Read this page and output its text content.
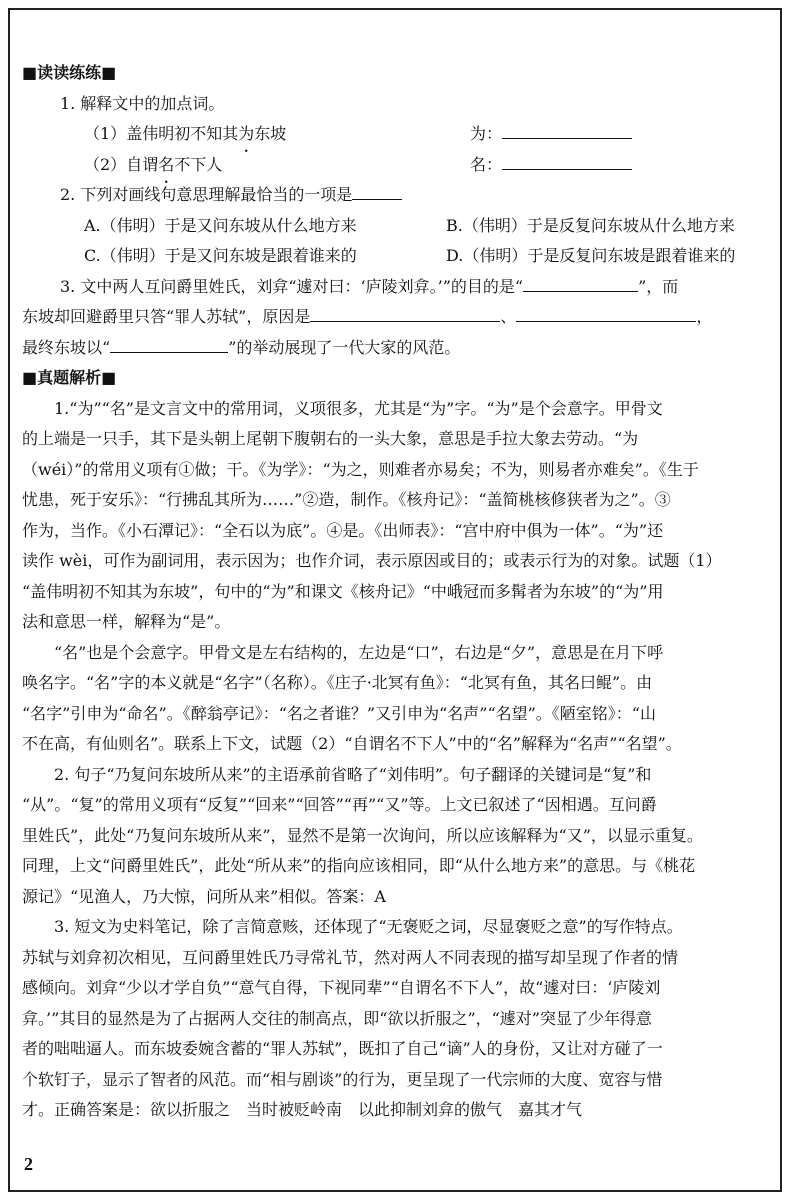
■读读练练■
1. 解释文中的加点词。
（1）盖伟明初不知其为东坡	为：
（2）自谓名不下人	名：
2. 下列对画线句意思理解最恰当的一项是
A.（伟明）于是又问东坡从什么地方来	B.（伟明）于是反复问东坡从什么地方来
C.（伟明）于是又问东坡是跟着谁来的	D.（伟明）于是反复问东坡是跟着谁来的
3. 文中两人互问爵里姓氏，刘弇“遽对曰：‘庐陵刘弇。’”的目的是“	”，而
东坡却回避爵里只答“罪人苏轼”，原因是	、	，
最终东坡以“	”的举动展现了一代大家的风范。
■真题解析■
　　1.“为”“名”是文言文中的常用词，义项很多，尤其是“为”字。“为”是个会意字。甲骨文
的上端是一只手，其下是头朝上尾朝下腹朝右的一头大象，意思是手拉大象去劳动。“为
（wéi）”的常用义项有①做；干。《为学》：“为之，则难者亦易矣；不为，则易者亦难矣”。《生于
忧患，死于安乐》：“行拂乱其所为……”②造，制作。《核舟记》：“盖简桃核修狭者为之”。③
作为，当作。《小石潭记》：“全石以为底”。④是。《出师表》：“宫中府中俱为一体”。“为”还
读作 wèi，可作为副词用，表示因为；也作介词，表示原因或目的；或表示行为的对象。试题（1）
“盖伟明初不知其为东坡”，句中的“为”和课文《核舟记》“中峨冠而多髯者为东坡”的“为”用
法和意思一样，解释为“是”。
　　“名”也是个会意字。甲骨文是左右结构的，左边是“口”，右边是“夕”，意思是在月下呼
唤名字。“名”字的本义就是“名字”（名称）。《庄子·北冥有鱼》：“北冥有鱼，其名曰鲲”。由
“名字”引申为“命名”。《醉翁亭记》：“名之者谁？”又引申为“名声”“名望”。《陋室铭》：“山
不在高，有仙则名”。联系上下文，试题（2）“自谓名不下人”中的“名”解释为“名声”“名望”。
　　2. 句子“乃复问东坡所从来”的主语承前省略了“刘伟明”。句子翻译的关键词是“复”和
“从”。“复”的常用义项有“反复”“回来”“回答”“再”“又”等。上文已叙述了“因相遇。互问爵
里姓氏”，此处“乃复问东坡所从来”，显然不是第一次询问，所以应该解释为“又”，以显示重复。
同理，上文“问爵里姓氏”，此处“所从来”的指向应该相同，即“从什么地方来”的意思。与《桃花
源记》“见渔人，乃大惊，问所从来”相似。答案：A
　　3. 短文为史料笔记，除了言简意赅，还体现了“无褒贬之词，尽显褒贬之意”的写作特点。
苏轼与刘弇初次相见，互问爵里姓氏乃寻常礼节，然对两人不同表现的描写却呈现了作者的情
感倾向。刘弇“少以才学自负”“意气自得，下视同辈”“自谓名不下人”，故“遽对曰：‘庐陵刘
弇。’”其目的显然是为了占据两人交往的制高点，即“欲以折服之”，“遽对”突显了少年得意
者的咄咄逼人。而东坡委婉含蓄的“罪人苏轼”，既扣了自己“谪”人的身份，又让对方碰了一
个软钉子，显示了智者的风范。而“相与剧谈”的行为，更呈现了一代宗师的大度、宽容与惜
才。正确答案是：欲以折服之　当时被贬岭南　以此抑制刘弇的傲气　嘉其才气
2
